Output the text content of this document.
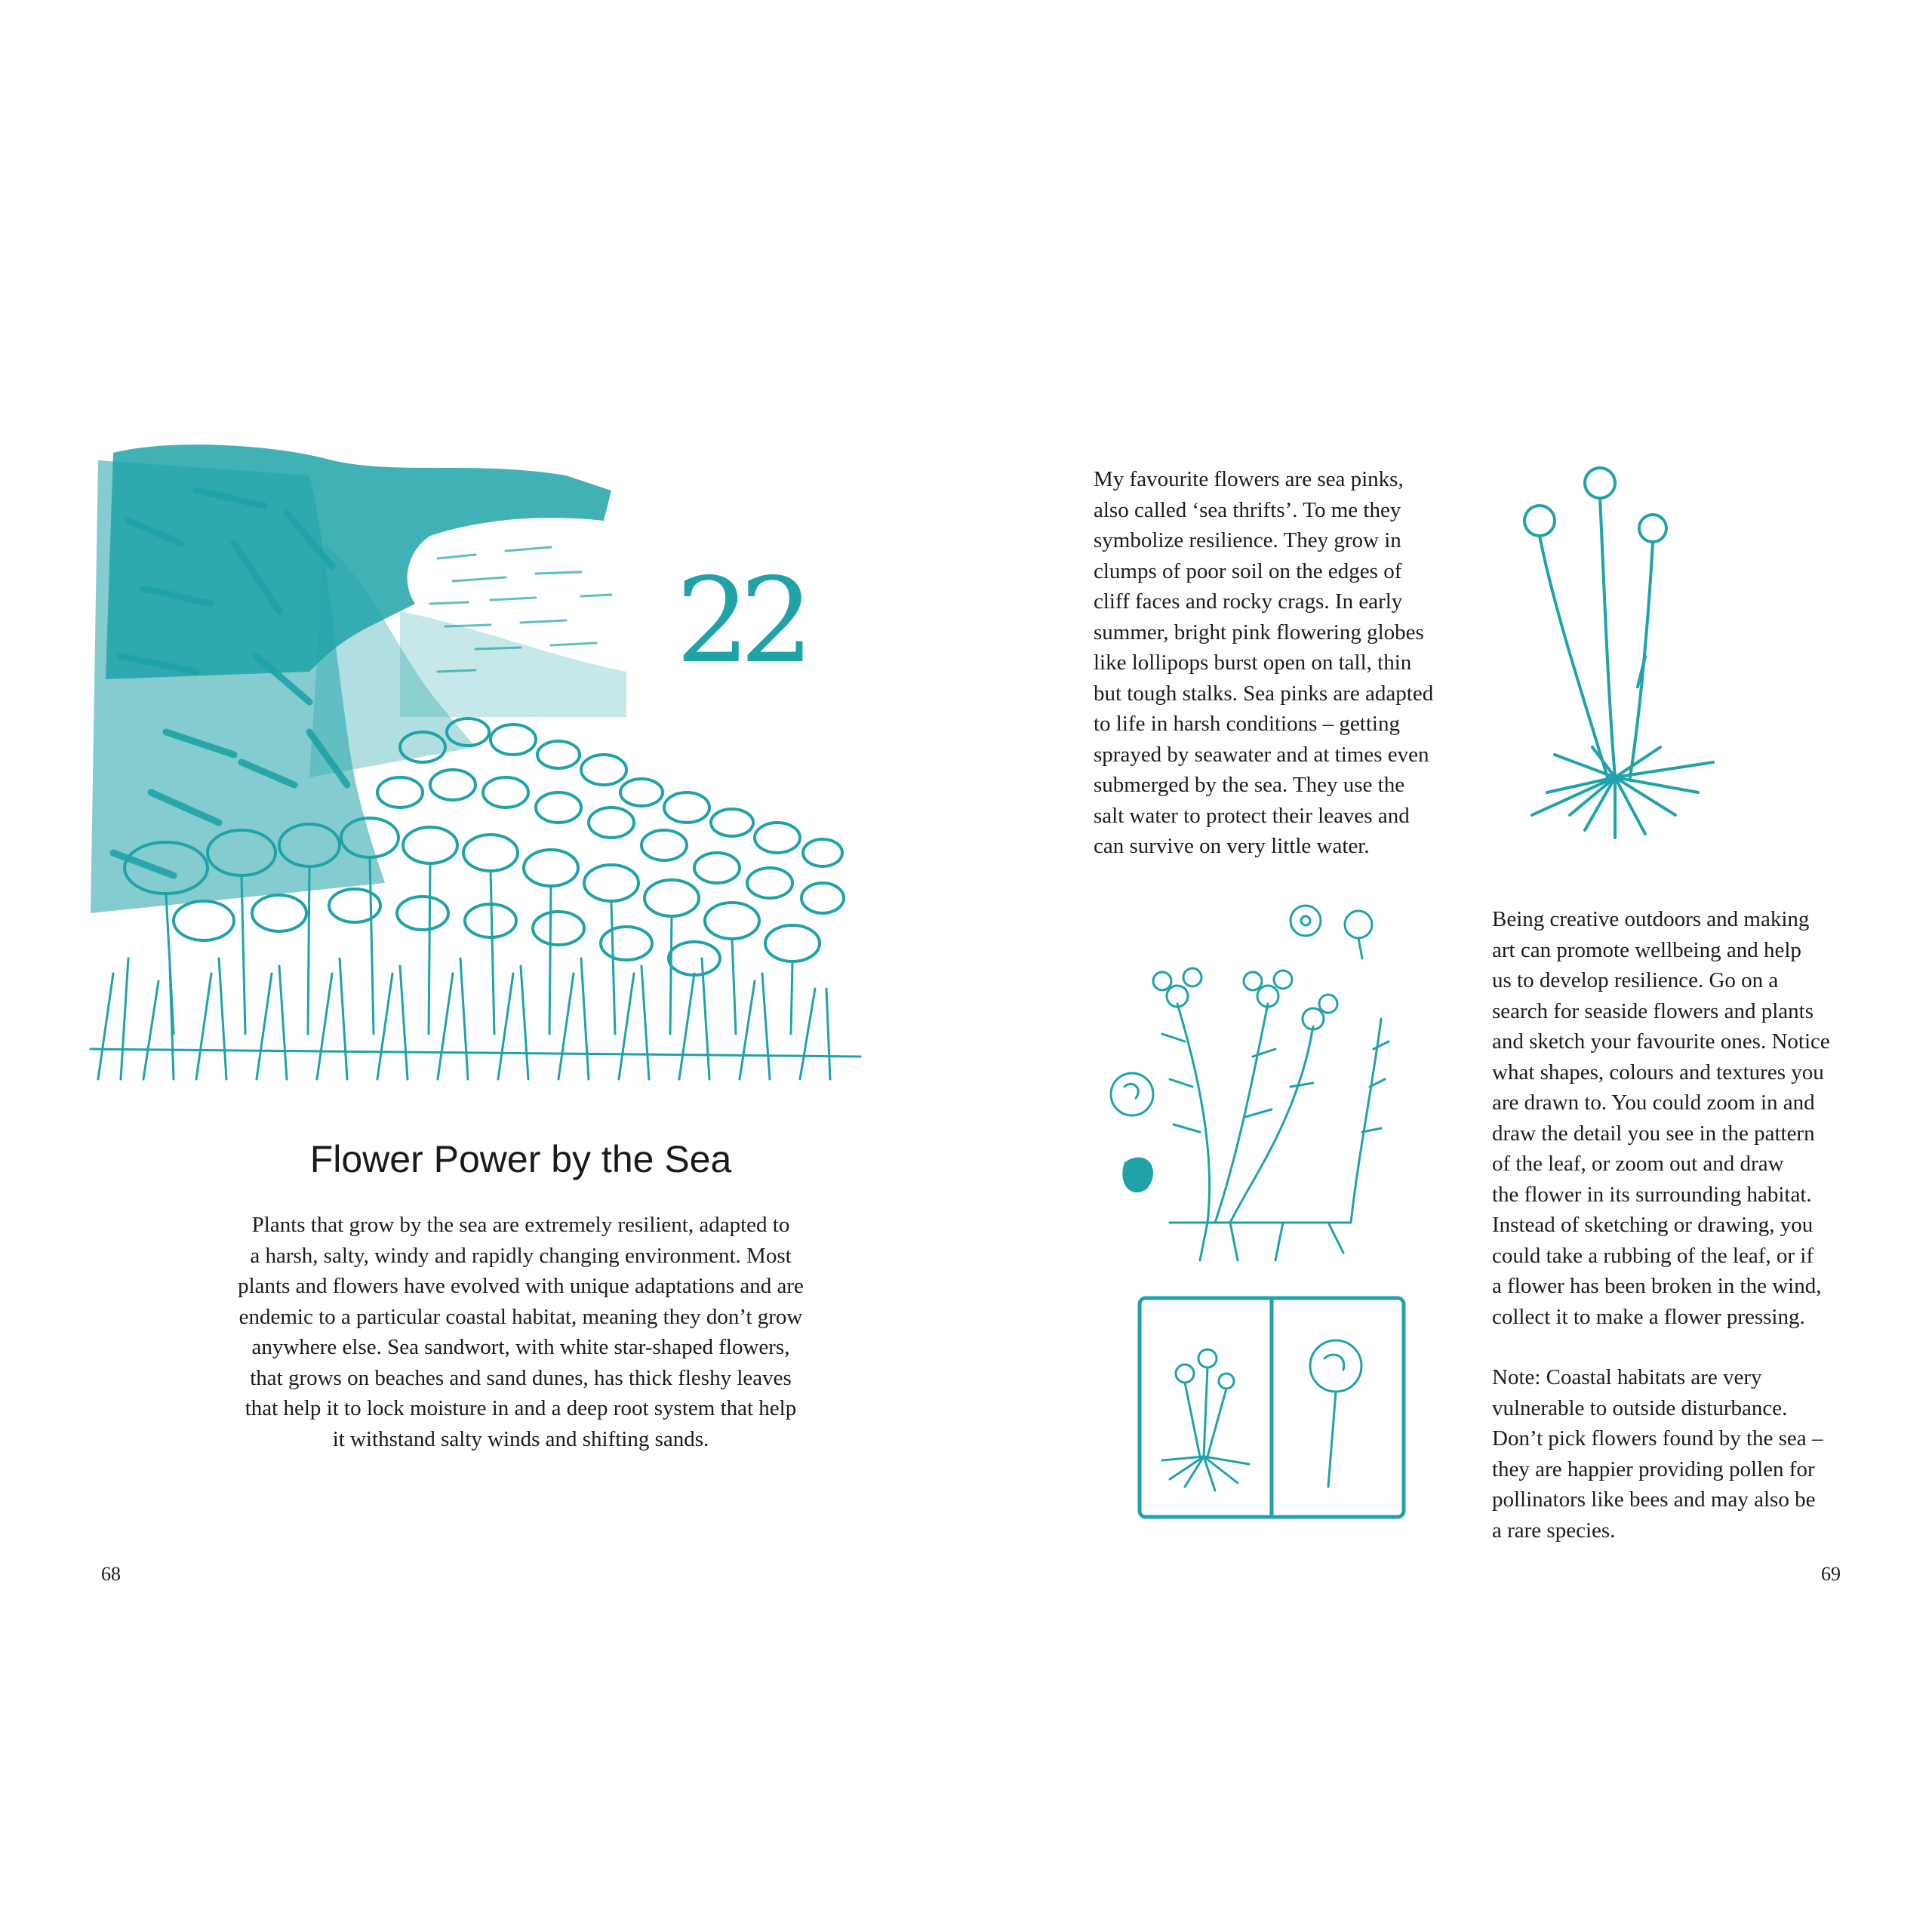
22
Flower Power by the Sea
Plants that grow by the sea are extremely resilient, adapted to
a harsh, salty, windy and rapidly changing environment. Most
plants and flowers have evolved with unique adaptations and are
endemic to a particular coastal habitat, meaning they don’t grow
anywhere else. Sea sandwort, with white star-shaped flowers,
that grows on beaches and sand dunes, has thick fleshy leaves
that help it to lock moisture in and a deep root system that help
it withstand salty winds and shifting sands.
68
My favourite flowers are sea pinks,
also called ‘sea thrifts’. To me they
symbolize resilience. They grow in
clumps of poor soil on the edges of
cliff faces and rocky crags. In early
summer, bright pink flowering globes
like lollipops burst open on tall, thin
but tough stalks. Sea pinks are adapted
to life in harsh conditions – getting
sprayed by seawater and at times even
submerged by the sea. They use the
salt water to protect their leaves and
can survive on very little water.
Being creative outdoors and making
art can promote wellbeing and help
us to develop resilience. Go on a
search for seaside flowers and plants
and sketch your favourite ones. Notice
what shapes, colours and textures you
are drawn to. You could zoom in and
draw the detail you see in the pattern
of the leaf, or zoom out and draw
the flower in its surrounding habitat.
Instead of sketching or drawing, you
could take a rubbing of the leaf, or if
a flower has been broken in the wind,
collect it to make a flower pressing.
Note: Coastal habitats are very
vulnerable to outside disturbance.
Don’t pick flowers found by the sea –
they are happier providing pollen for
pollinators like bees and may also be
a rare species.
69
